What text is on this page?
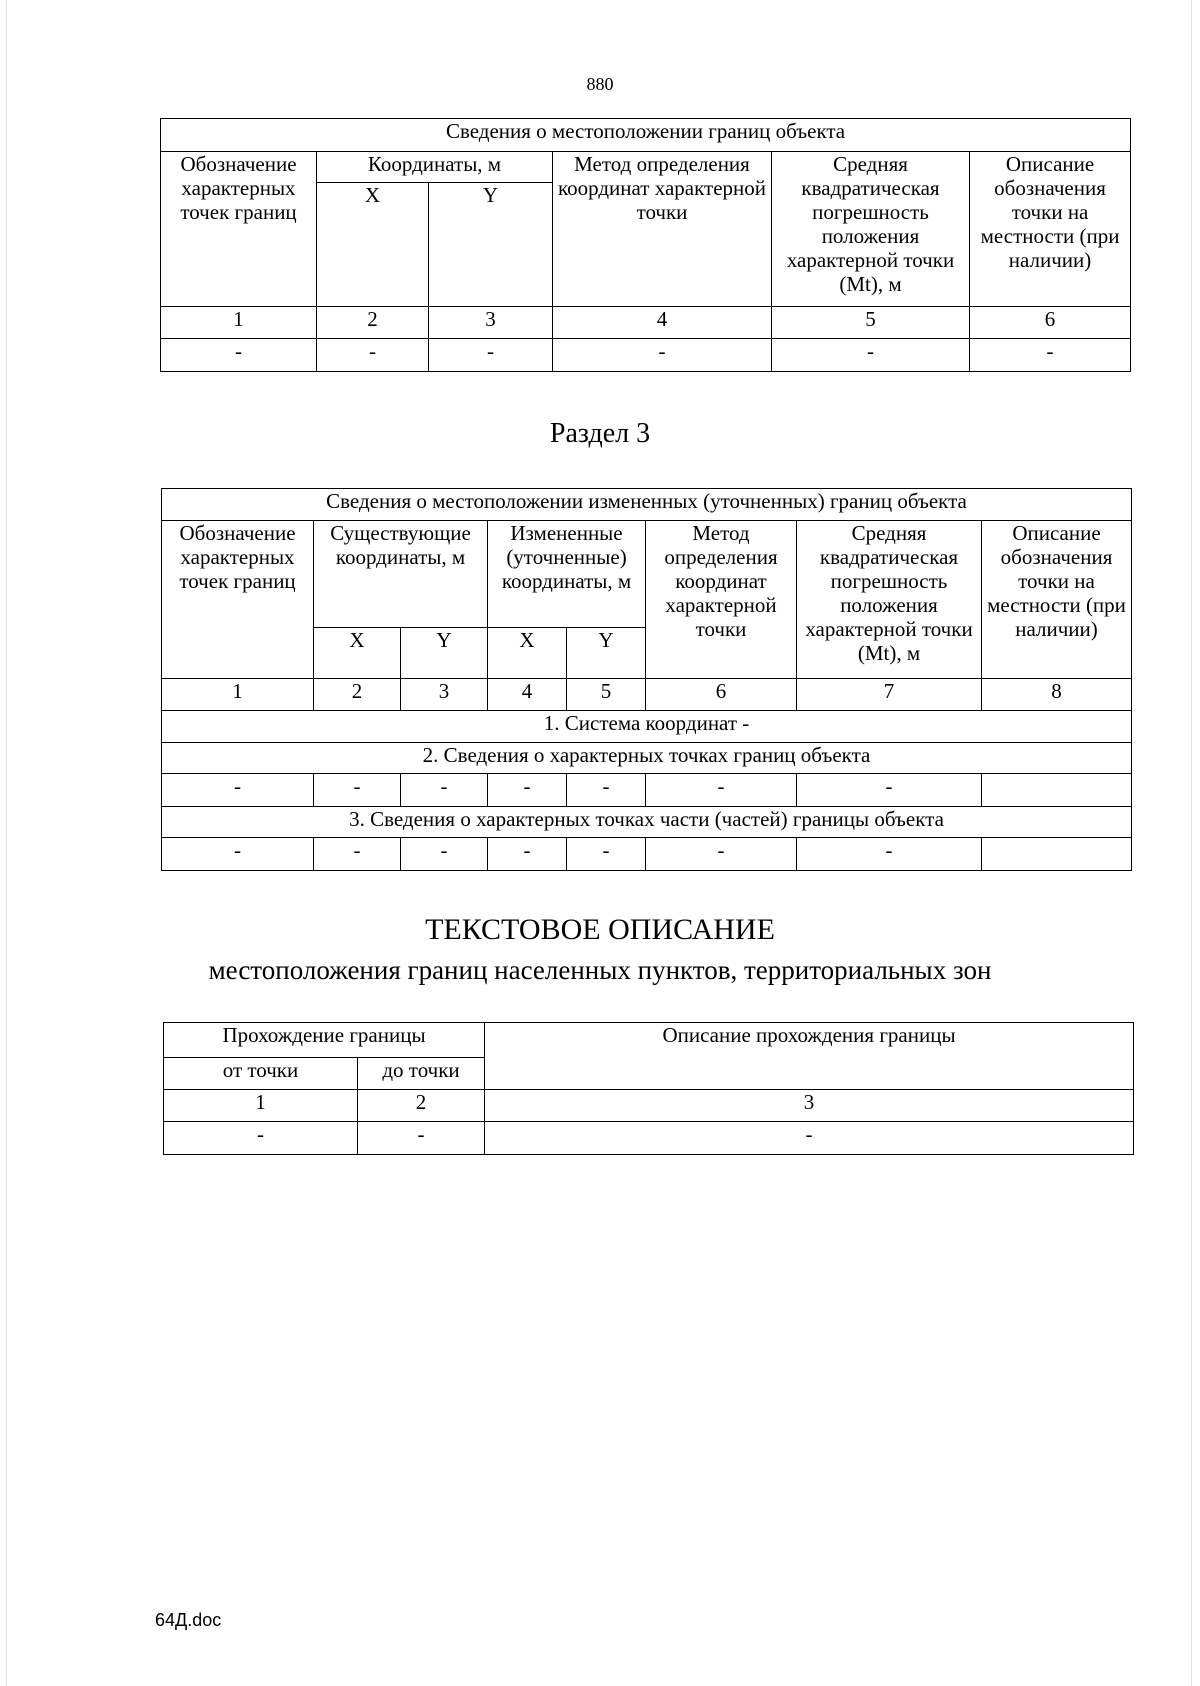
880
Сведения о местоположении границ объекта					
Обозначение характерных точек границ	Координаты, м		Метод определения координат характерной точки	Средняя квадратическая погрешность положения характерной точки (Mt), м	Описание обозначения точки на местности (при наличии)
	X	Y			
1	2	3	4	5	6
-	-	-	-	-	-
Раздел 3
Сведения о местоположении измененных (уточненных) границ объекта							
Обозначение характерных точек границ	Существующие координаты, м		Измененные (уточненные) координаты, м		Метод определения координат характерной точки	Средняя квадратическая погрешность положения характерной точки (Mt), м	Описание обозначения точки на местности (при наличии)
	X	Y	X	Y			
1	2	3	4	5	6	7	8
1. Система координат -							
2. Сведения о характерных точках границ объекта							
-	-	-	-	-	-	-	
3. Сведения о характерных точках части (частей) границы объекта							
-	-	-	-	-	-	-	
ТЕКСТОВОЕ ОПИСАНИЕ
местоположения границ населенных пунктов, территориальных зон
Прохождение границы		Описание прохождения границы
от точки	до точки	
1	2	3
-	-	-
64Д.doc
